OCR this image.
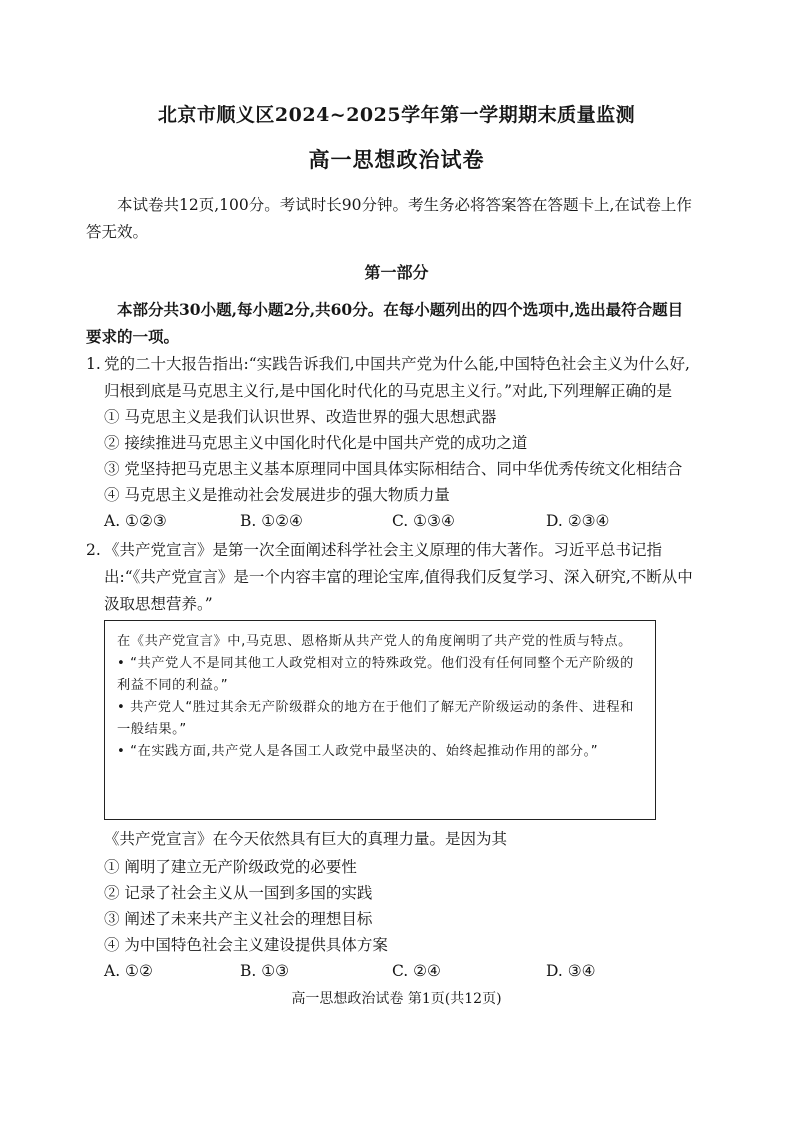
北京市顺义区2024~2025学年第一学期期末质量监测
高一思想政治试卷

本试卷共12页,100分。考试时长90分钟。考生务必将答案答在答题卡上,在试卷上作答无效。

第一部分

本部分共30小题,每小题2分,共60分。在每小题列出的四个选项中,选出最符合题目要求的一项。

1. 党的二十大报告指出:“实践告诉我们,中国共产党为什么能,中国特色社会主义为什么好,归根到底是马克思主义行,是中国化时代化的马克思主义行。”对此,下列理解正确的是
① 马克思主义是我们认识世界、改造世界的强大思想武器
② 接续推进马克思主义中国化时代化是中国共产党的成功之道
③ 党坚持把马克思主义基本原理同中国具体实际相结合、同中华优秀传统文化相结合
④ 马克思主义是推动社会发展进步的强大物质力量
A. ①②③	B. ①②④	C. ①③④	D. ②③④
2. 《共产党宣言》是第一次全面阐述科学社会主义原理的伟大著作。习近平总书记指出:“《共产党宣言》是一个内容丰富的理论宝库,值得我们反复学习、深入研究,不断从中汲取思想营养。”

在《共产党宣言》中,马克思、恩格斯从共产党人的角度阐明了共产党的性质与特点。

• “共产党人不是同其他工人政党相对立的特殊政党。他们没有任何同整个无产阶级的利益不同的利益。”

• 共产党人“胜过其余无产阶级群众的地方在于他们了解无产阶级运动的条件、进程和一般结果。”

• “在实践方面,共产党人是各国工人政党中最坚决的、始终起推动作用的部分。”

《共产党宣言》在今天依然具有巨大的真理力量。是因为其
① 阐明了建立无产阶级政党的必要性
② 记录了社会主义从一国到多国的实践
③ 阐述了未来共产主义社会的理想目标
④ 为中国特色社会主义建设提供具体方案
A. ①②	B. ①③	C. ②④	D. ③④
高一思想政治试卷 第1页(共12页)
